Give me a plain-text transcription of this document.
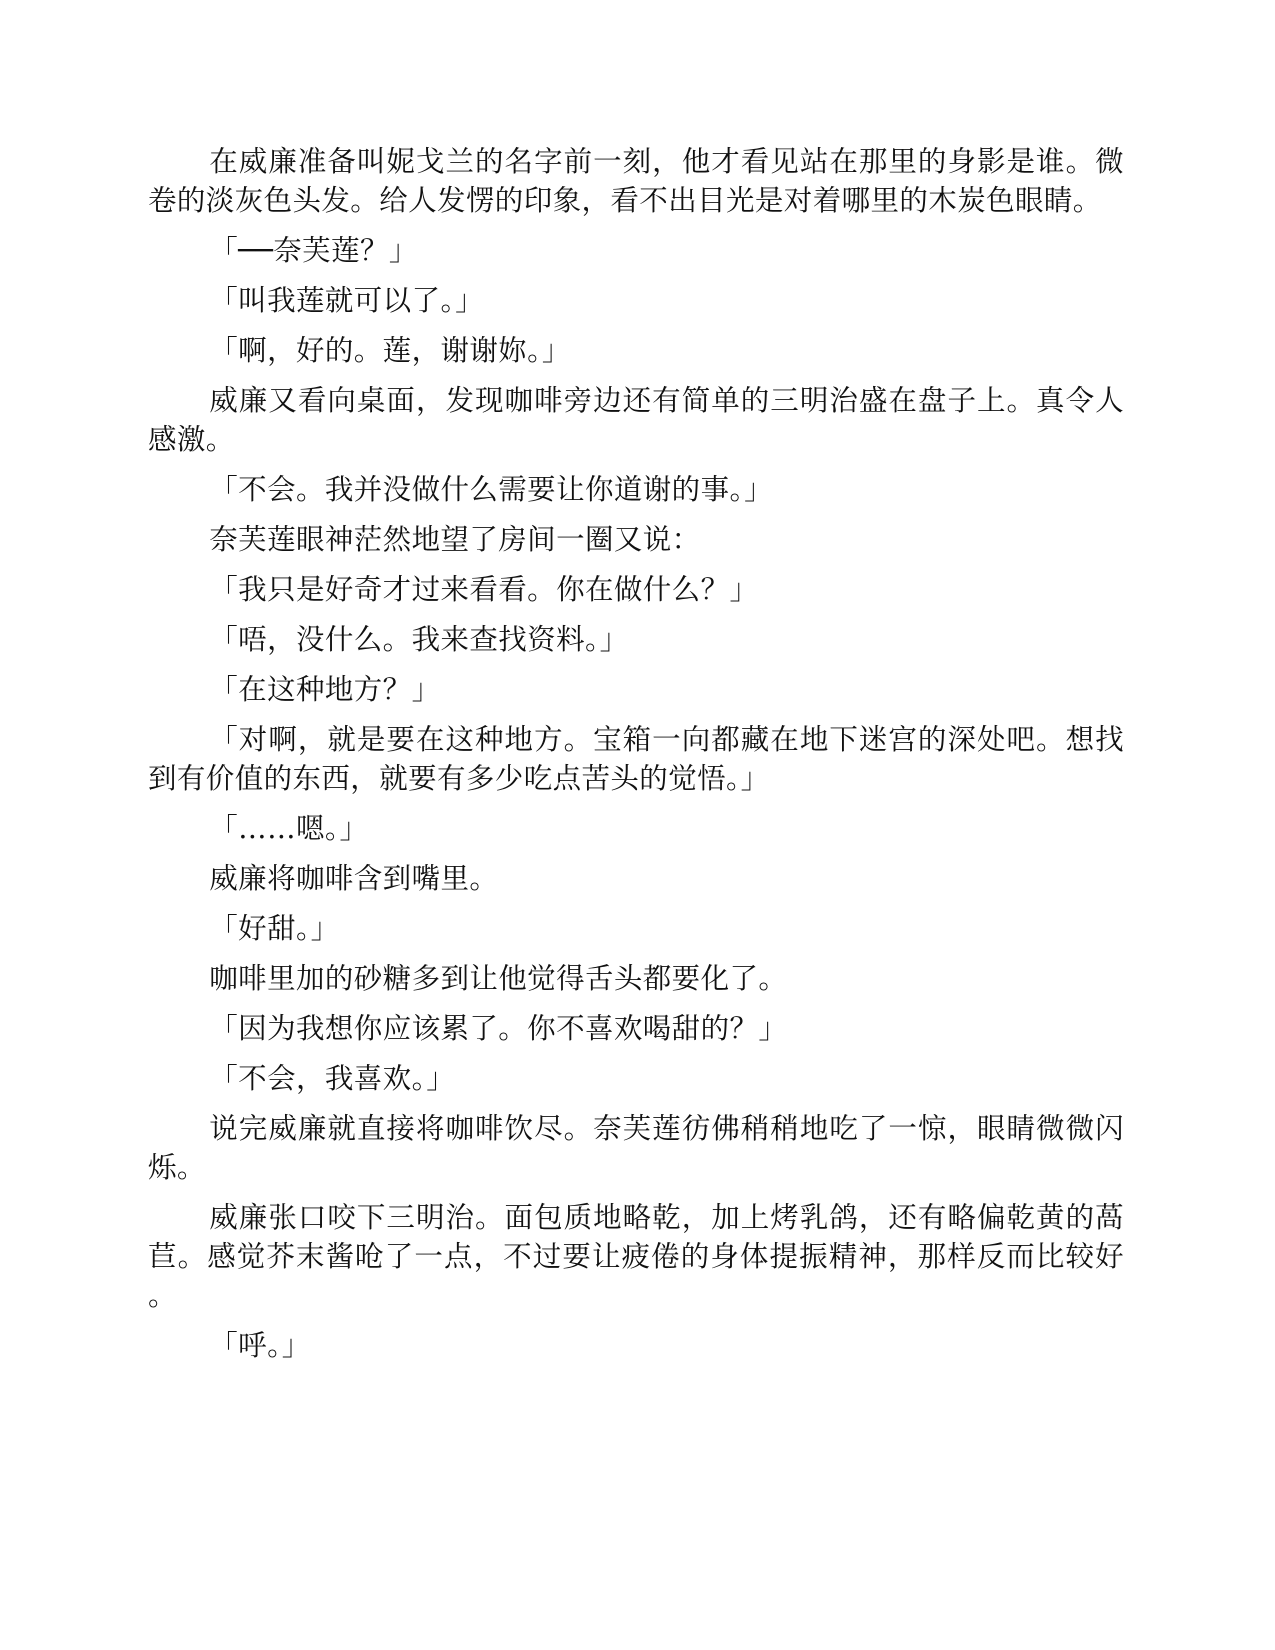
在威廉准备叫妮戈兰的名字前一刻，他才看见站在那里的身影是谁。微卷的淡灰色头发。给人发愣的印象，看不出目光是对着哪里的木炭色眼睛。

「──奈芙莲？」

「叫我莲就可以了。」

「啊，好的。莲，谢谢妳。」

威廉又看向桌面，发现咖啡旁边还有简单的三明治盛在盘子上。真令人感激。

「不会。我并没做什么需要让你道谢的事。」

奈芙莲眼神茫然地望了房间一圈又说：

「我只是好奇才过来看看。你在做什么？」

「唔，没什么。我来查找资料。」

「在这种地方？」

「对啊，就是要在这种地方。宝箱一向都藏在地下迷宫的深处吧。想找到有价值的东西，就要有多少吃点苦头的觉悟。」

「……嗯。」

威廉将咖啡含到嘴里。

「好甜。」

咖啡里加的砂糖多到让他觉得舌头都要化了。

「因为我想你应该累了。你不喜欢喝甜的？」

「不会，我喜欢。」

说完威廉就直接将咖啡饮尽。奈芙莲彷佛稍稍地吃了一惊，眼睛微微闪烁。

威廉张口咬下三明治。面包质地略乾，加上烤乳鸽，还有略偏乾黄的萵苣。感觉芥末酱呛了一点，不过要让疲倦的身体提振精神，那样反而比较好。

「呼。」
